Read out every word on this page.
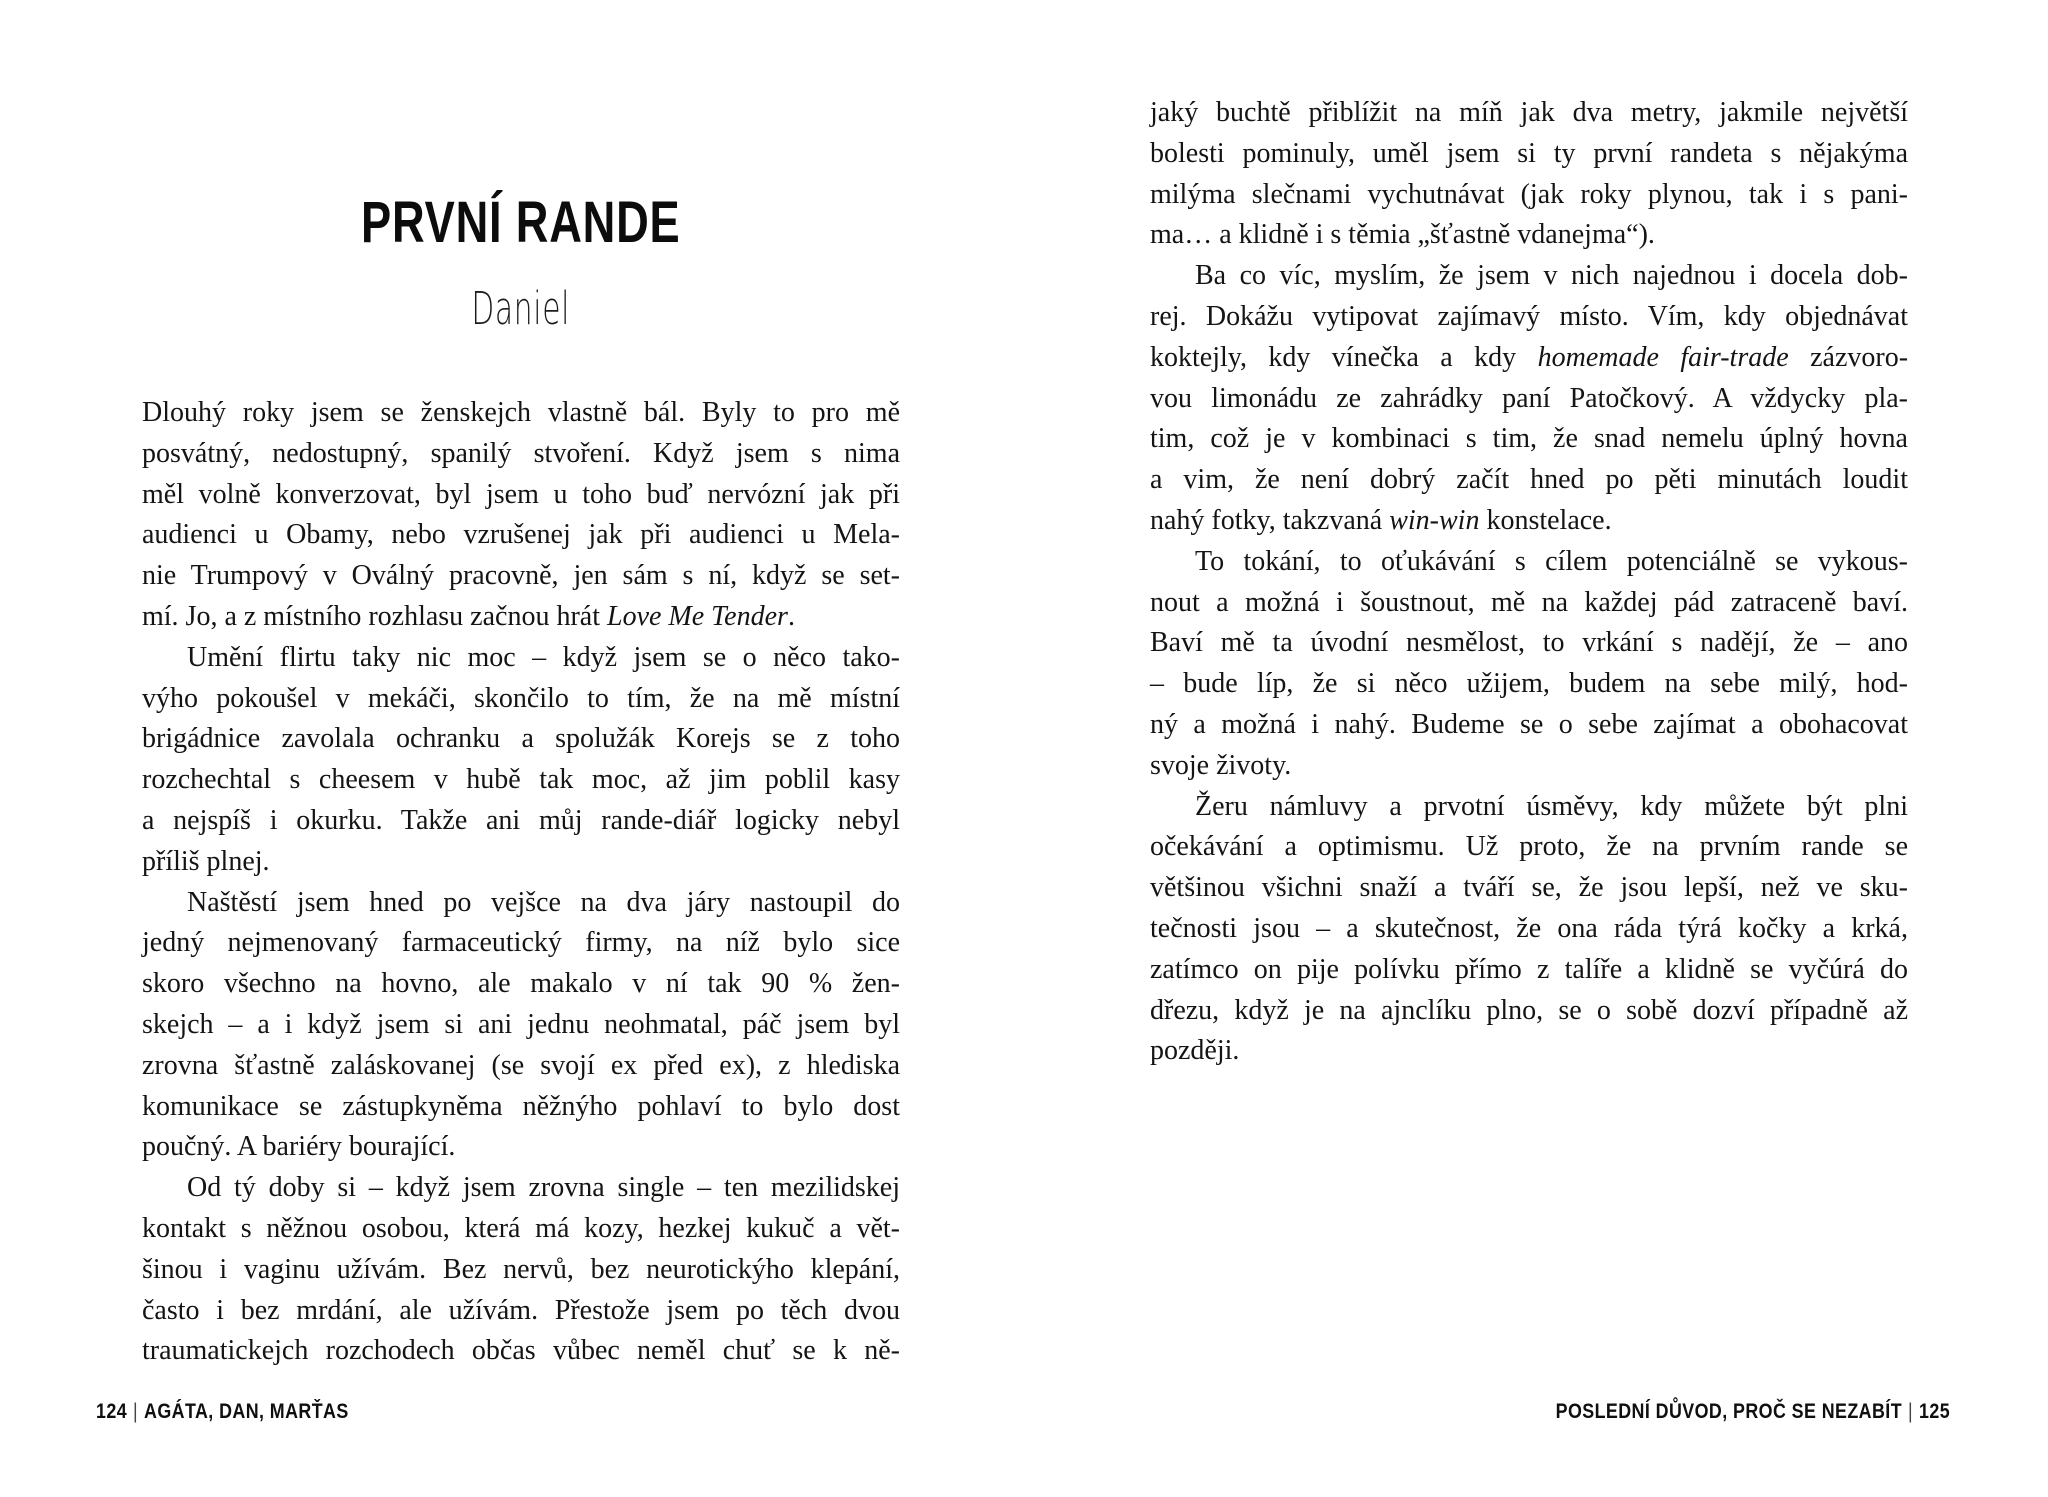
PRVNÍ RANDE
Daniel
Dlouhý roky jsem se ženskejch vlastně bál. Byly to pro mě
posvátný, nedostupný, spanilý stvoření. Když jsem s nima
měl volně konverzovat, byl jsem u toho buď nervózní jak při
audienci u Obamy, nebo vzrušenej jak při audienci u Mela-
nie Trumpový v Oválný pracovně, jen sám s ní, když se set-
mí. Jo, a z místního rozhlasu začnou hrát Love Me Tender.
Umění flirtu taky nic moc – když jsem se o něco tako-
výho pokoušel v mekáči, skončilo to tím, že na mě místní
brigádnice zavolala ochranku a spolužák Korejs se z toho
rozchechtal s cheesem v hubě tak moc, až jim poblil kasy
a nejspíš i okurku. Takže ani můj rande-diář logicky nebyl
příliš plnej.
Naštěstí jsem hned po vejšce na dva járy nastoupil do
jedný nejmenovaný farmaceutický firmy, na níž bylo sice
skoro všechno na hovno, ale makalo v ní tak 90 % žen-
skejch – a i když jsem si ani jednu neohmatal, páč jsem byl
zrovna šťastně zaláskovanej (se svojí ex před ex), z hlediska
komunikace se zástupkyněma něžnýho pohlaví to bylo dost
poučný. A bariéry bourající.
Od tý doby si – když jsem zrovna single – ten mezilidskej
kontakt s něžnou osobou, která má kozy, hezkej kukuč a vět-
šinou i vaginu užívám. Bez nervů, bez neurotickýho klepání,
často i bez mrdání, ale užívám. Přestože jsem po těch dvou
traumatickejch rozchodech občas vůbec neměl chuť se k ně-
jaký buchtě přiblížit na míň jak dva metry, jakmile největší
bolesti pominuly, uměl jsem si ty první randeta s nějakýma
milýma slečnami vychutnávat (jak roky plynou, tak i s pani-
ma… a klidně i s těmia „šťastně vdanejma“).
Ba co víc, myslím, že jsem v nich najednou i docela dob-
rej. Dokážu vytipovat zajímavý místo. Vím, kdy objednávat
koktejly, kdy vínečka a kdy homemade fair-trade zázvoro-
vou limonádu ze zahrádky paní Patočkový. A vždycky pla-
tim, což je v kombinaci s tim, že snad nemelu úplný hovna
a vim, že není dobrý začít hned po pěti minutách loudit
nahý fotky, takzvaná win-win konstelace.
To tokání, to oťukávání s cílem potenciálně se vykous-
nout a možná i šoustnout, mě na každej pád zatraceně baví.
Baví mě ta úvodní nesmělost, to vrkání s nadějí, že – ano
– bude líp, že si něco užijem, budem na sebe milý, hod-
ný a možná i nahý. Budeme se o sebe zajímat a obohacovat
svoje životy.
Žeru námluvy a prvotní úsměvy, kdy můžete být plni
očekávání a optimismu. Už proto, že na prvním rande se
většinou všichni snaží a tváří se, že jsou lepší, než ve sku-
tečnosti jsou – a skutečnost, že ona ráda týrá kočky a krká,
zatímco on pije polívku přímo z talíře a klidně se vyčúrá do
dřezu, když je na ajnclíku plno, se o sobě dozví případně až
později.
124 | AGÁTA, DAN, MARŤAS	POSLEDNÍ DŮVOD, PROČ SE NEZABÍT | 125
